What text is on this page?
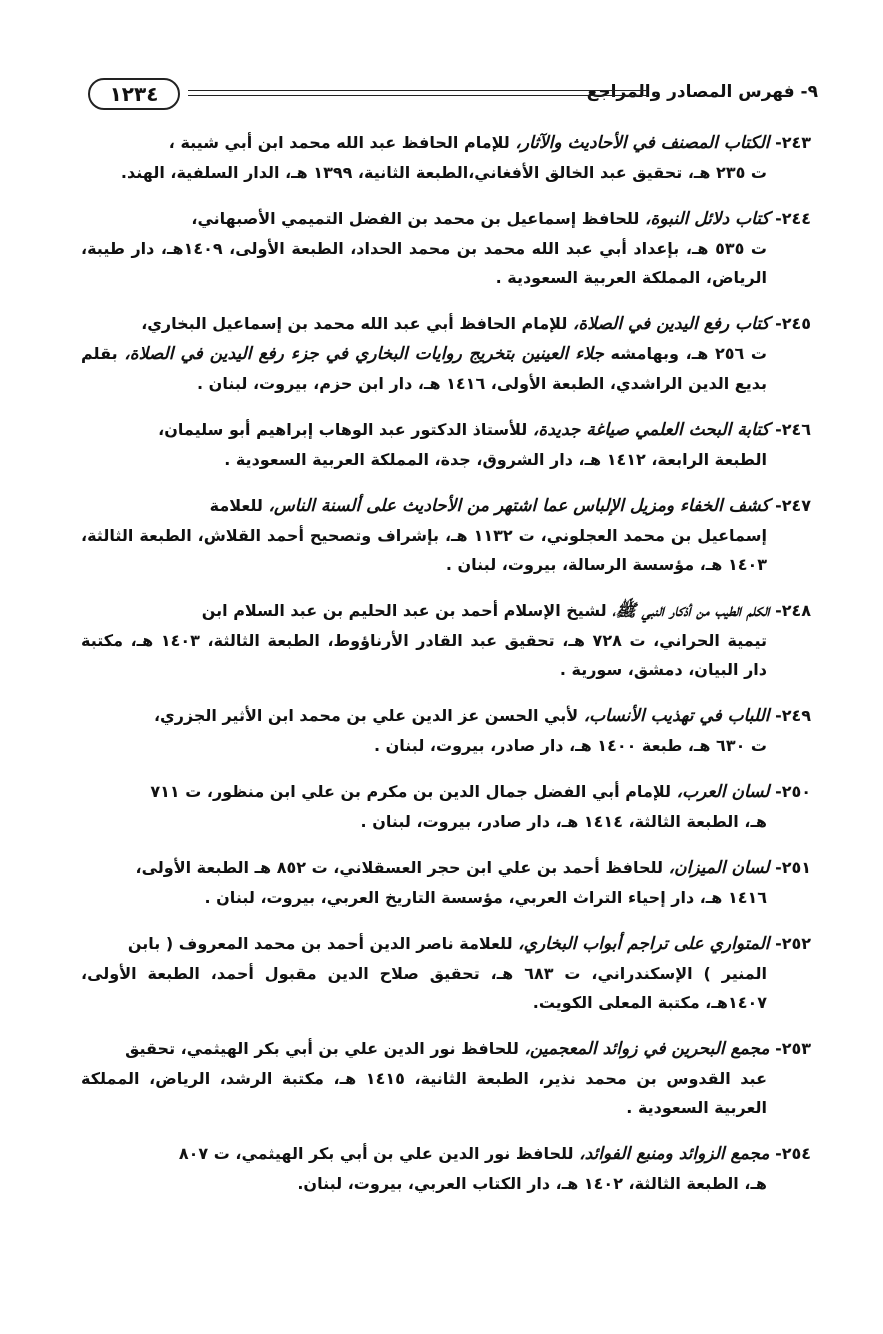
٩- فهرس المصادر والمراجع
١٢٣٤

٢٤٣- الكتاب المصنف في الأحاديث والآثار، للإمام الحافظ عبد الله محمد ابن أبي شيبة ،
ت ٢٣٥ هـ، تحقيق عبد الخالق الأفغاني،الطبعة الثانية، ١٣٩٩ هـ، الدار السلفية، الهند.

٢٤٤- كتاب دلائل النبوة، للحافظ إسماعيل بن محمد بن الفضل التميمي الأصبهاني،
ت ٥٣٥ هـ، بإعداد أبي عبد الله محمد بن محمد الحداد، الطبعة الأولى، ١٤٠٩هـ، دار طيبة، الرياض، المملكة العربية السعودية .

٢٤٥- كتاب رفع اليدين في الصلاة، للإمام الحافظ أبي عبد الله محمد بن إسماعيل البخاري،
ت ٢٥٦ هـ، وبهامشه جلاء العينين بتخريج روايات البخاري في جزء رفع اليدين في الصلاة، بقلم بديع الدين الراشدي، الطبعة الأولى، ١٤١٦ هـ، دار ابن حزم، بيروت، لبنان .

٢٤٦- كتابة البحث العلمي صياغة جديدة، للأستاذ الدكتور عبد الوهاب إبراهيم أبو سليمان،
الطبعة الرابعة، ١٤١٢ هـ، دار الشروق، جدة، المملكة العربية السعودية .

٢٤٧- كشف الخفاء ومزيل الإلباس عما اشتهر من الأحاديث على ألسنة الناس، للعلامة
إسماعيل بن محمد العجلوني، ت ١١٣٢ هـ، بإشراف وتصحيح أحمد القلاش، الطبعة الثالثة، ١٤٠٣ هـ، مؤسسة الرسالة، بيروت، لبنان .

٢٤٨- الكلم الطيب من أذكار النبي ﷺ، لشيخ الإسلام أحمد بن عبد الحليم بن عبد السلام ابن
تيمية الحراني، ت ٧٢٨ هـ، تحقيق عبد القادر الأرناؤوط، الطبعة الثالثة، ١٤٠٣ هـ، مكتبة دار البيان، دمشق، سورية .

٢٤٩- اللباب في تهذيب الأنساب، لأبي الحسن عز الدين علي بن محمد ابن الأثير الجزري،
ت ٦٣٠ هـ، طبعة ١٤٠٠ هـ، دار صادر، بيروت، لبنان .

٢٥٠- لسان العرب، للإمام أبي الفضل جمال الدين بن مكرم بن علي ابن منظور، ت ٧١١
هـ، الطبعة الثالثة، ١٤١٤ هـ، دار صادر، بيروت، لبنان .

٢٥١- لسان الميزان، للحافظ أحمد بن علي ابن حجر العسقلاني، ت ٨٥٢ هـ الطبعة الأولى،
١٤١٦ هـ، دار إحياء التراث العربي، مؤسسة التاريخ العربي، بيروت، لبنان .

٢٥٢- المتواري على تراجم أبواب البخاري، للعلامة ناصر الدين أحمد بن محمد المعروف ( بابن
المنير ) الإسكندراني، ت ٦٨٣ هـ، تحقيق صلاح الدين مقبول أحمد، الطبعة الأولى، ١٤٠٧هـ، مكتبة المعلى الكويت.

٢٥٣- مجمع البحرين في زوائد المعجمين، للحافظ نور الدين علي بن أبي بكر الهيثمي، تحقيق
عبد القدوس بن محمد نذير، الطبعة الثانية، ١٤١٥ هـ، مكتبة الرشد، الرياض، المملكة العربية السعودية .

٢٥٤- مجمع الزوائد ومنبع الفوائد، للحافظ نور الدين علي بن أبي بكر الهيثمي، ت ٨٠٧
هـ، الطبعة الثالثة، ١٤٠٢ هـ، دار الكتاب العربي، بيروت، لبنان.
